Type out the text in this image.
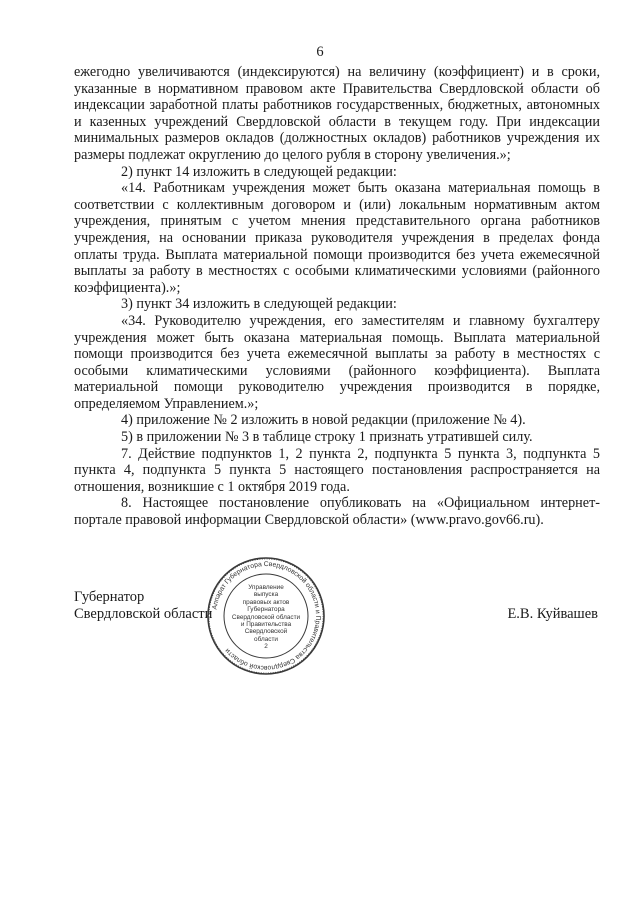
6

ежегодно увеличиваются (индексируются) на величину (коэффициент) и в сроки, указанные в нормативном правовом акте Правительства Свердловской области об индексации заработной платы работников государственных, бюджетных, автономных и казенных учреждений Свердловской области в текущем году. При индексации минимальных размеров окладов (должностных окладов) работников учреждения их размеры подлежат округлению до целого рубля в сторону увеличения.»;

2) пункт 14 изложить в следующей редакции:

«14. Работникам учреждения может быть оказана материальная помощь в соответствии с коллективным договором и (или) локальным нормативным актом учреждения, принятым с учетом мнения представительного органа работников учреждения, на основании приказа руководителя учреждения в пределах фонда оплаты труда. Выплата материальной помощи производится без учета ежемесячной выплаты за работу в местностях с особыми климатическими условиями (районного коэффициента).»;

3) пункт 34 изложить в следующей редакции:

«34. Руководителю учреждения, его заместителям и главному бухгалтеру учреждения может быть оказана материальная помощь. Выплата материальной помощи производится без учета ежемесячной выплаты за работу в местностях с особыми климатическими условиями (районного коэффициента). Выплата материальной помощи руководителю учреждения производится в порядке, определяемом Управлением.»;

4) приложение № 2 изложить в новой редакции (приложение № 4).

5) в приложении № 3 в таблице строку 1 признать утратившей силу.

7. Действие подпунктов 1, 2 пункта 2, подпункта 5 пункта 3, подпункта 5 пункта 4, подпункта 5 пункта 5 настоящего постановления распространяется на отношения, возникшие с 1 октября 2019 года.

8. Настоящее постановление опубликовать на «Официальном интернет-портале правовой информации Свердловской области» (www.pravo.gov66.ru).

Губернатор
Свердловской области	Е.В. Куйвашев
Аппарат Губернатора Свердловской области и Правительства Свердловской области
Управление
выпуска
правовых актов
Губернатора
Свердловской области
и Правительства
Свердловской
области
2
